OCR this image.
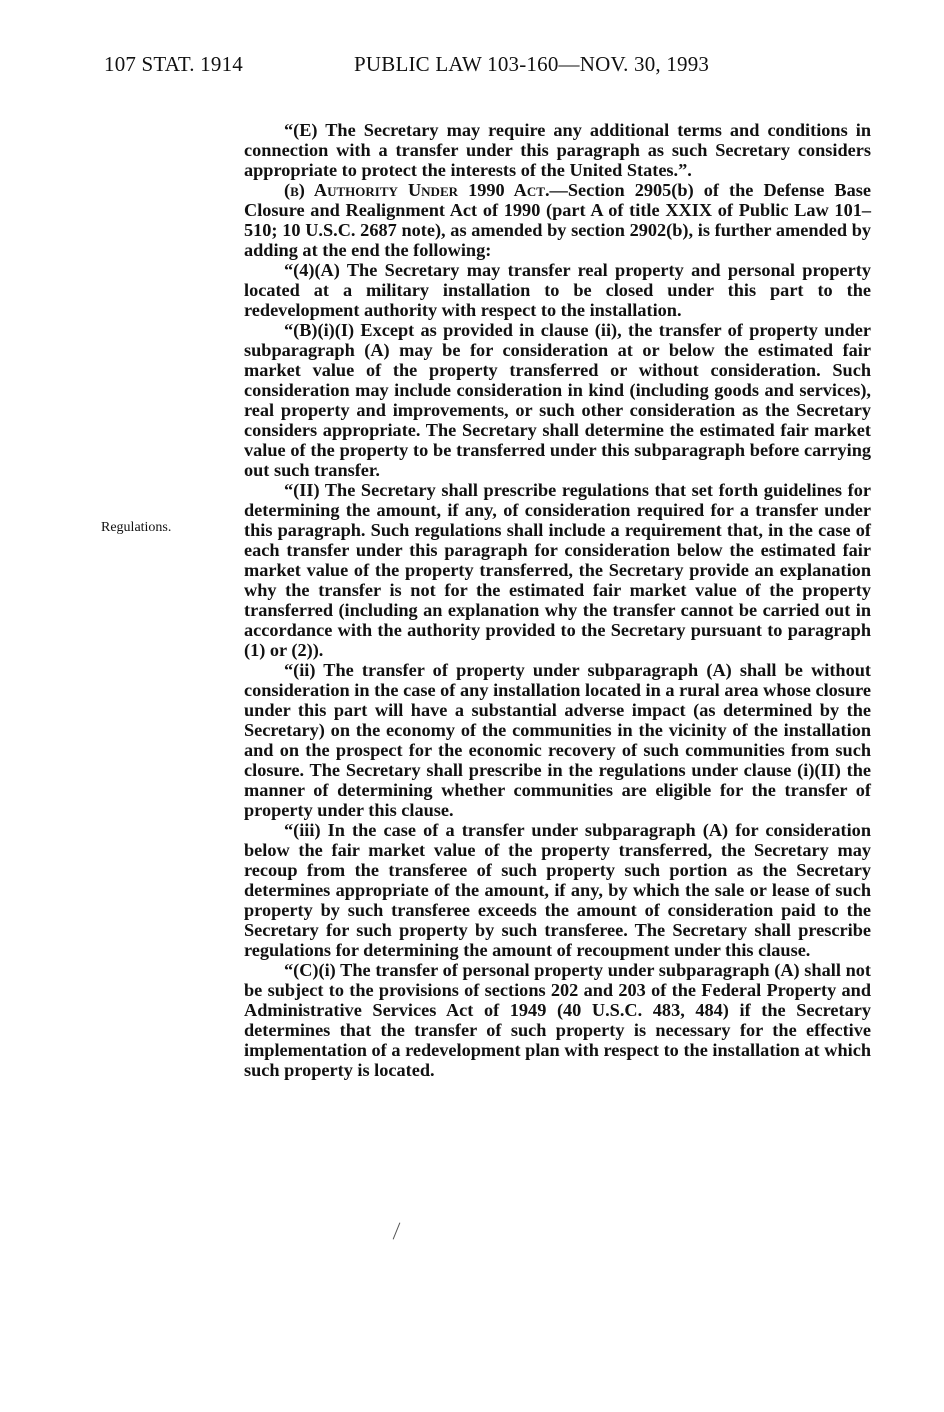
107 STAT. 1914	PUBLIC LAW 103-160—NOV. 30, 1993
Regulations.

“(E) The Secretary may require any additional terms and conditions in connection with a transfer under this paragraph as such Secretary considers appropriate to protect the interests of the United States.”.

(b) Authority Under 1990 Act.—Section 2905(b) of the Defense Base Closure and Realignment Act of 1990 (part A of title XXIX of Public Law 101–510; 10 U.S.C. 2687 note), as amended by section 2902(b), is further amended by adding at the end the following:

“(4)(A) The Secretary may transfer real property and personal property located at a military installation to be closed under this part to the redevelopment authority with respect to the installation.

“(B)(i)(I) Except as provided in clause (ii), the transfer of property under subparagraph (A) may be for consideration at or below the estimated fair market value of the property transferred or without consideration. Such consideration may include consideration in kind (including goods and services), real property and improvements, or such other consideration as the Secretary considers appropriate. The Secretary shall determine the estimated fair market value of the property to be transferred under this subparagraph before carrying out such transfer.

“(II) The Secretary shall prescribe regulations that set forth guidelines for determining the amount, if any, of consideration required for a transfer under this paragraph. Such regulations shall include a requirement that, in the case of each transfer under this paragraph for consideration below the estimated fair market value of the property transferred, the Secretary provide an explanation why the transfer is not for the estimated fair market value of the property transferred (including an explanation why the transfer cannot be carried out in accordance with the authority provided to the Secretary pursuant to paragraph (1) or (2)).

“(ii) The transfer of property under subparagraph (A) shall be without consideration in the case of any installation located in a rural area whose closure under this part will have a substantial adverse impact (as determined by the Secretary) on the economy of the communities in the vicinity of the installation and on the prospect for the economic recovery of such communities from such closure. The Secretary shall prescribe in the regulations under clause (i)(II) the manner of determining whether communities are eligible for the transfer of property under this clause.

“(iii) In the case of a transfer under subparagraph (A) for consideration below the fair market value of the property transferred, the Secretary may recoup from the transferee of such property such portion as the Secretary determines appropriate of the amount, if any, by which the sale or lease of such property by such transferee exceeds the amount of consideration paid to the Secretary for such property by such transferee. The Secretary shall prescribe regulations for determining the amount of recoupment under this clause.

“(C)(i) The transfer of personal property under subparagraph (A) shall not be subject to the provisions of sections 202 and 203 of the Federal Property and Administrative Services Act of 1949 (40 U.S.C. 483, 484) if the Secretary determines that the transfer of such property is necessary for the effective implementation of a redevelopment plan with respect to the installation at which such property is located.
